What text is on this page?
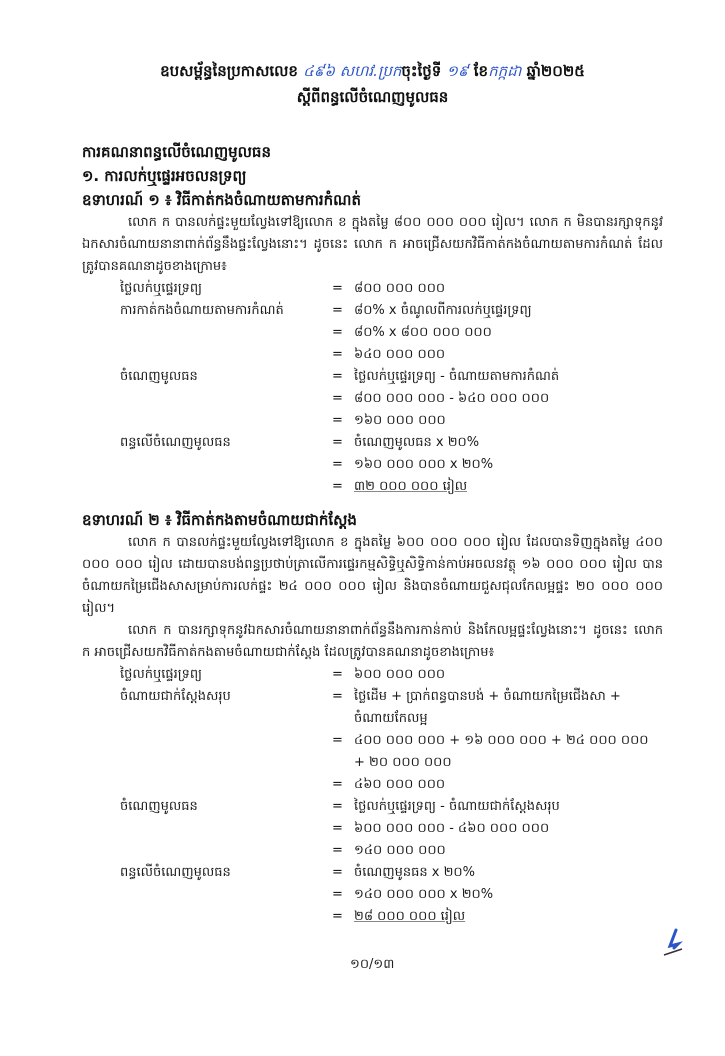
ឧបសម្ព័ន្ធនៃប្រកាសលេខ ៤៩៦ សហវ.ប្រកចុះថ្ងៃទី ១៩ ខែកក្កដា ឆ្នាំ២០២៥
ស្តីពីពន្ធលើចំណេញមូលធន
ការគណនាពន្ធលើចំណេញមូលធន
១. ការលក់ឬផ្ទេរអចលនទ្រព្យ
ឧទាហរណ៍ ១ ៖ វិធីកាត់កងចំណាយតាមការកំណត់
លោក ក បានលក់ផ្ទះមួយល្វែងទៅឱ្យលោក ខ ក្នុងតម្លៃ ៨០០ ០០០ ០០០ រៀល។ លោក ក មិនបានរក្សាទុកនូវឯកសារចំណាយនានាពាក់ព័ន្ធនឹងផ្ទះល្វែងនោះ។ ដូចនេះ លោក ក អាចជ្រើសយកវិធីកាត់កងចំណាយតាមការកំណត់ ដែលត្រូវបានគណនាដូចខាងក្រោម៖
ថ្លៃលក់ឬផ្ទេរទ្រព្យ	= ៨០០ ០០០ ០០០
ការកាត់កងចំណាយតាមការកំណត់	= ៨០% x ចំណូលពីការលក់ឬផ្ទេរទ្រព្យ
= ៨០% x ៨០០ ០០០ ០០០
= ៦៤០ ០០០ ០០០
ចំណេញមូលធន	= ថ្លៃលក់ឬផ្ទេរទ្រព្យ - ចំណាយតាមការកំណត់
= ៨០០ ០០០ ០០០ - ៦៤០ ០០០ ០០០
= ១៦០ ០០០ ០០០
ពន្ធលើចំណេញមូលធន	= ចំណេញមូលធន x ២០%
= ១៦០ ០០០ ០០០ x ២០%
= ៣២ ០០០ ០០០ រៀល
ឧទាហរណ៍ ២ ៖ វិធីកាត់កងតាមចំណាយជាក់ស្តែង
លោក ក បានលក់ផ្ទះមួយល្វែងទៅឱ្យលោក ខ ក្នុងតម្លៃ ៦០០ ០០០ ០០០ រៀល ដែលបានទិញក្នុងតម្លៃ ៤០០ ០០០ ០០០ រៀល ដោយបានបង់ពន្ធប្រថាប់ត្រាលើការផ្ទេរកម្មសិទ្ធិឬសិទ្ធិកាន់កាប់អចលនវត្ថុ ១៦ ០០០ ០០០ រៀល បានចំណាយកម្រៃជើងសាសម្រាប់ការលក់ផ្ទះ ២៤ ០០០ ០០០ រៀល និងបានចំណាយជួសជុលកែលម្អផ្ទះ ២០ ០០០ ០០០ រៀល។
លោក ក បានរក្សាទុកនូវឯកសារចំណាយនានាពាក់ព័ន្ធនឹងការកាន់កាប់ និងកែលម្អផ្ទះល្វែងនោះ។ ដូចនេះ លោក ក អាចជ្រើសយកវិធីកាត់កងតាមចំណាយជាក់ស្តែង ដែលត្រូវបានគណនាដូចខាងក្រោម៖
ថ្លៃលក់ឬផ្ទេរទ្រព្យ	= ៦០០ ០០០ ០០០
ចំណាយជាក់ស្តែងសរុប	= ថ្លៃដើម + ប្រាក់ពន្ធបានបង់ + ចំណាយកម្រៃជើងសា + ចំណាយកែលម្អ
= ៤០០ ០០០ ០០០ + ១៦ ០០០ ០០០ + ២៤ ០០០ ០០០ + ២០ ០០០ ០០០
= ៤៦០ ០០០ ០០០
ចំណេញមូលធន	= ថ្លៃលក់ឬផ្ទេរទ្រព្យ - ចំណាយជាក់ស្តែងសរុប
= ៦០០ ០០០ ០០០ - ៤៦០ ០០០ ០០០
= ១៤០ ០០០ ០០០
ពន្ធលើចំណេញមូលធន	= ចំណេញមូនធន x ២០%
= ១៤០ ០០០ ០០០ x ២០%
= ២៨ ០០០ ០០០ រៀល
១០/១៣
